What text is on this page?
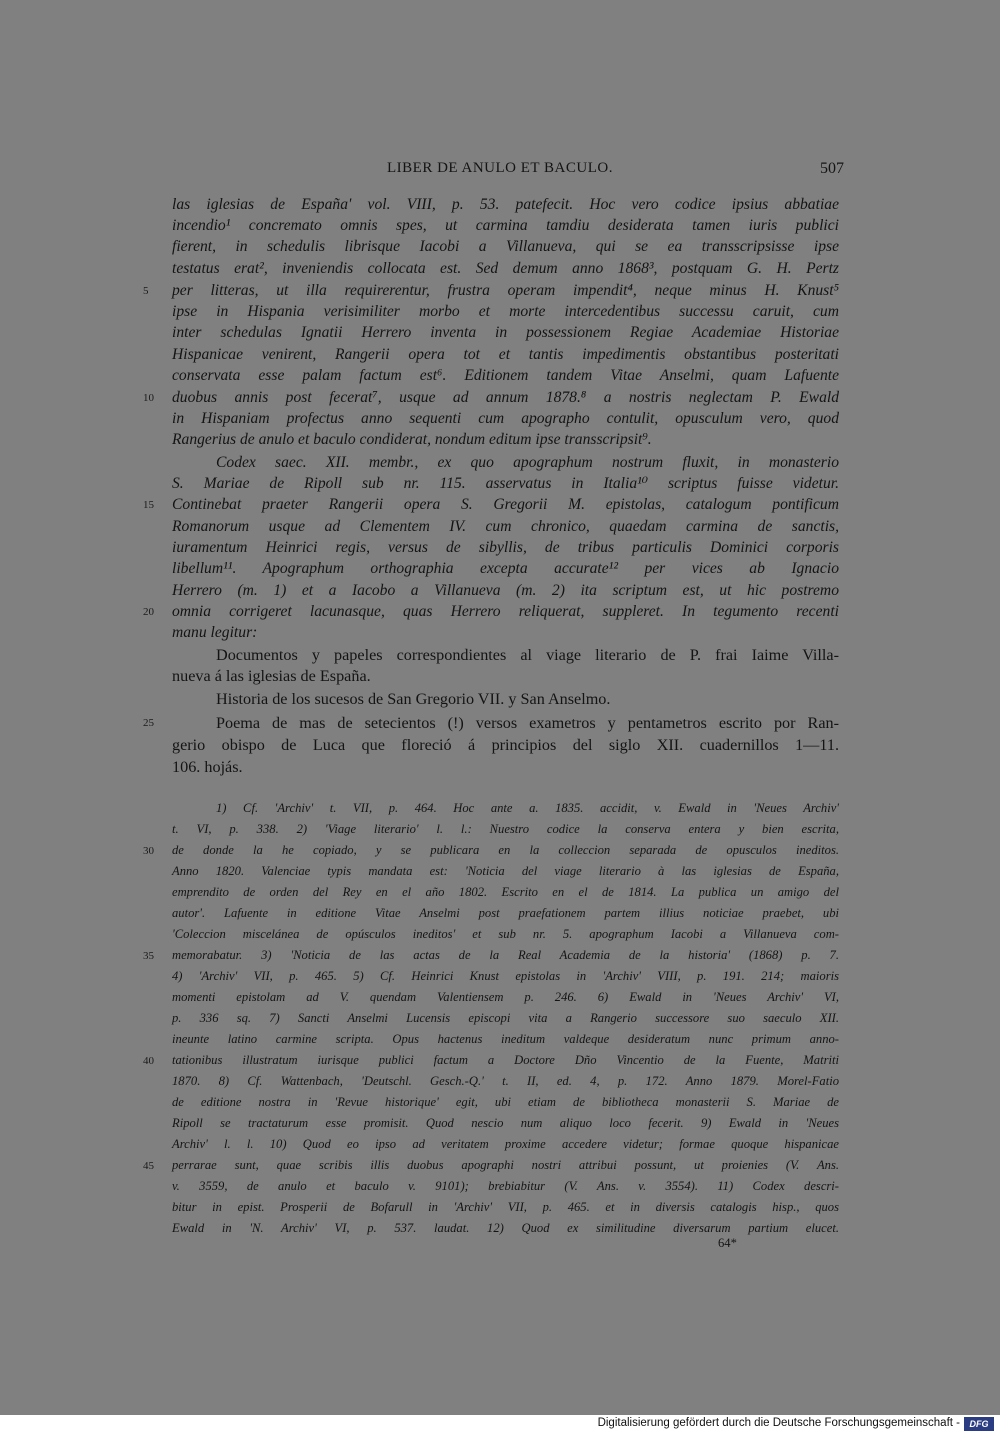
LIBER DE ANULO ET BACULO.	507
las iglesias de España' vol. VIII, p. 53. patefecit. Hoc vero codice ipsius abbatiae
incendio¹ concremato omnis spes, ut carmina tamdiu desiderata tamen iuris publici
fierent, in schedulis librisque Iacobi a Villanueva, qui se ea transscripsisse ipse
testatus erat², inveniendis collocata est. Sed demum anno 1868³, postquam G. H. Pertz
per litteras, ut illa requirerentur, frustra operam impendit⁴, neque minus H. Knust⁵
ipse in Hispania verisimiliter morbo et morte intercedentibus successu caruit, cum
inter schedulas Ignatii Herrero inventa in possessionem Regiae Academiae Historiae
Hispanicae venirent, Rangerii opera tot et tantis impedimentis obstantibus posteritati
conservata esse palam factum est⁶. Editionem tandem Vitae Anselmi, quam Lafuente
duobus annis post fecerat⁷, usque ad annum 1878.⁸ a nostris neglectam P. Ewald
in Hispaniam profectus anno sequenti cum apographo contulit, opusculum vero, quod
Rangerius de anulo et baculo condiderat, nondum editum ipse transscripsit⁹.
Codex saec. XII. membr., ex quo apographum nostrum fluxit, in monasterio
S. Mariae de Ripoll sub nr. 115. asservatus in Italia¹⁰ scriptus fuisse videtur.
Continebat praeter Rangerii opera S. Gregorii M. epistolas, catalogum pontificum
Romanorum usque ad Clementem IV. cum chronico, quaedam carmina de sanctis,
iuramentum Heinrici regis, versus de sibyllis, de tribus particulis Dominici corporis
libellum¹¹. Apographum orthographia excepta accurate¹² per vices ab Ignacio
Herrero (m. 1) et a Iacobo a Villanueva (m. 2) ita scriptum est, ut hic postremo
omnia corrigeret lacunasque, quas Herrero reliquerat, suppleret. In tegumento recenti
manu legitur:
Documentos y papeles correspondientes al viage literario de P. frai Iaime Villa-
nueva á las iglesias de España.
Historia de los sucesos de San Gregorio VII. y San Anselmo.
Poema de mas de setecientos (!) versos exametros y pentametros escrito por Ran-
gerio obispo de Luca que floreció á principios del siglo XII. cuadernillos 1—11.
106. hojás.
1) Cf. 'Archiv' t. VII, p. 464. Hoc ante a. 1835. accidit, v. Ewald in 'Neues Archiv'
t. VI, p. 338. 2) 'Viage literario' l. l.: Nuestro codice la conserva entera y bien escrita,
de donde la he copiado, y se publicara en la colleccion separada de opusculos ineditos.
Anno 1820. Valenciae typis mandata est: 'Noticia del viage literario à las iglesias de España,
emprendito de orden del Rey en el año 1802. Escrito en el de 1814. La publica un amigo del
autor'. Lafuente in editione Vitae Anselmi post praefationem partem illius noticiae praebet, ubi
'Coleccion miscelánea de opúsculos ineditos' et sub nr. 5. apographum Iacobi a Villanueva com-
memorabatur. 3) 'Noticia de las actas de la Real Academia de la historia' (1868) p. 7.
4) 'Archiv' VII, p. 465. 5) Cf. Heinrici Knust epistolas in 'Archiv' VIII, p. 191. 214; maioris
momenti epistolam ad V. quendam Valentiensem p. 246. 6) Ewald in 'Neues Archiv' VI,
p. 336 sq. 7) Sancti Anselmi Lucensis episcopi vita a Rangerio successore suo saeculo XII.
ineunte latino carmine scripta. Opus hactenus ineditum valdeque desideratum nunc primum anno-
tationibus illustratum iurisque publici factum a Doctore Dño Vincentio de la Fuente, Matriti
1870. 8) Cf. Wattenbach, 'Deutschl. Gesch.-Q.' t. II, ed. 4, p. 172. Anno 1879. Morel-Fatio
de editione nostra in 'Revue historique' egit, ubi etiam de bibliotheca monasterii S. Mariae de
Ripoll se tractaturum esse promisit. Quod nescio num aliquo loco fecerit. 9) Ewald in 'Neues
Archiv' l. l. 10) Quod eo ipso ad veritatem proxime accedere videtur; formae quoque hispanicae
perrarae sunt, quae scribis illis duobus apographi nostri attribui possunt, ut proienies (V. Ans.
v. 3559, de anulo et baculo v. 9101); brebiabitur (V. Ans. v. 3554). 11) Codex descri-
bitur in epist. Prosperii de Bofarull in 'Archiv' VII, p. 465. et in diversis catalogis hisp., quos
Ewald in 'N. Archiv' VI, p. 537. laudat. 12) Quod ex similitudine diversarum partium elucet.
5
10
15
20
25
30
35
40
45
64*
Digitalisierung gefördert durch die Deutsche Forschungsgemeinschaft -	DFG
